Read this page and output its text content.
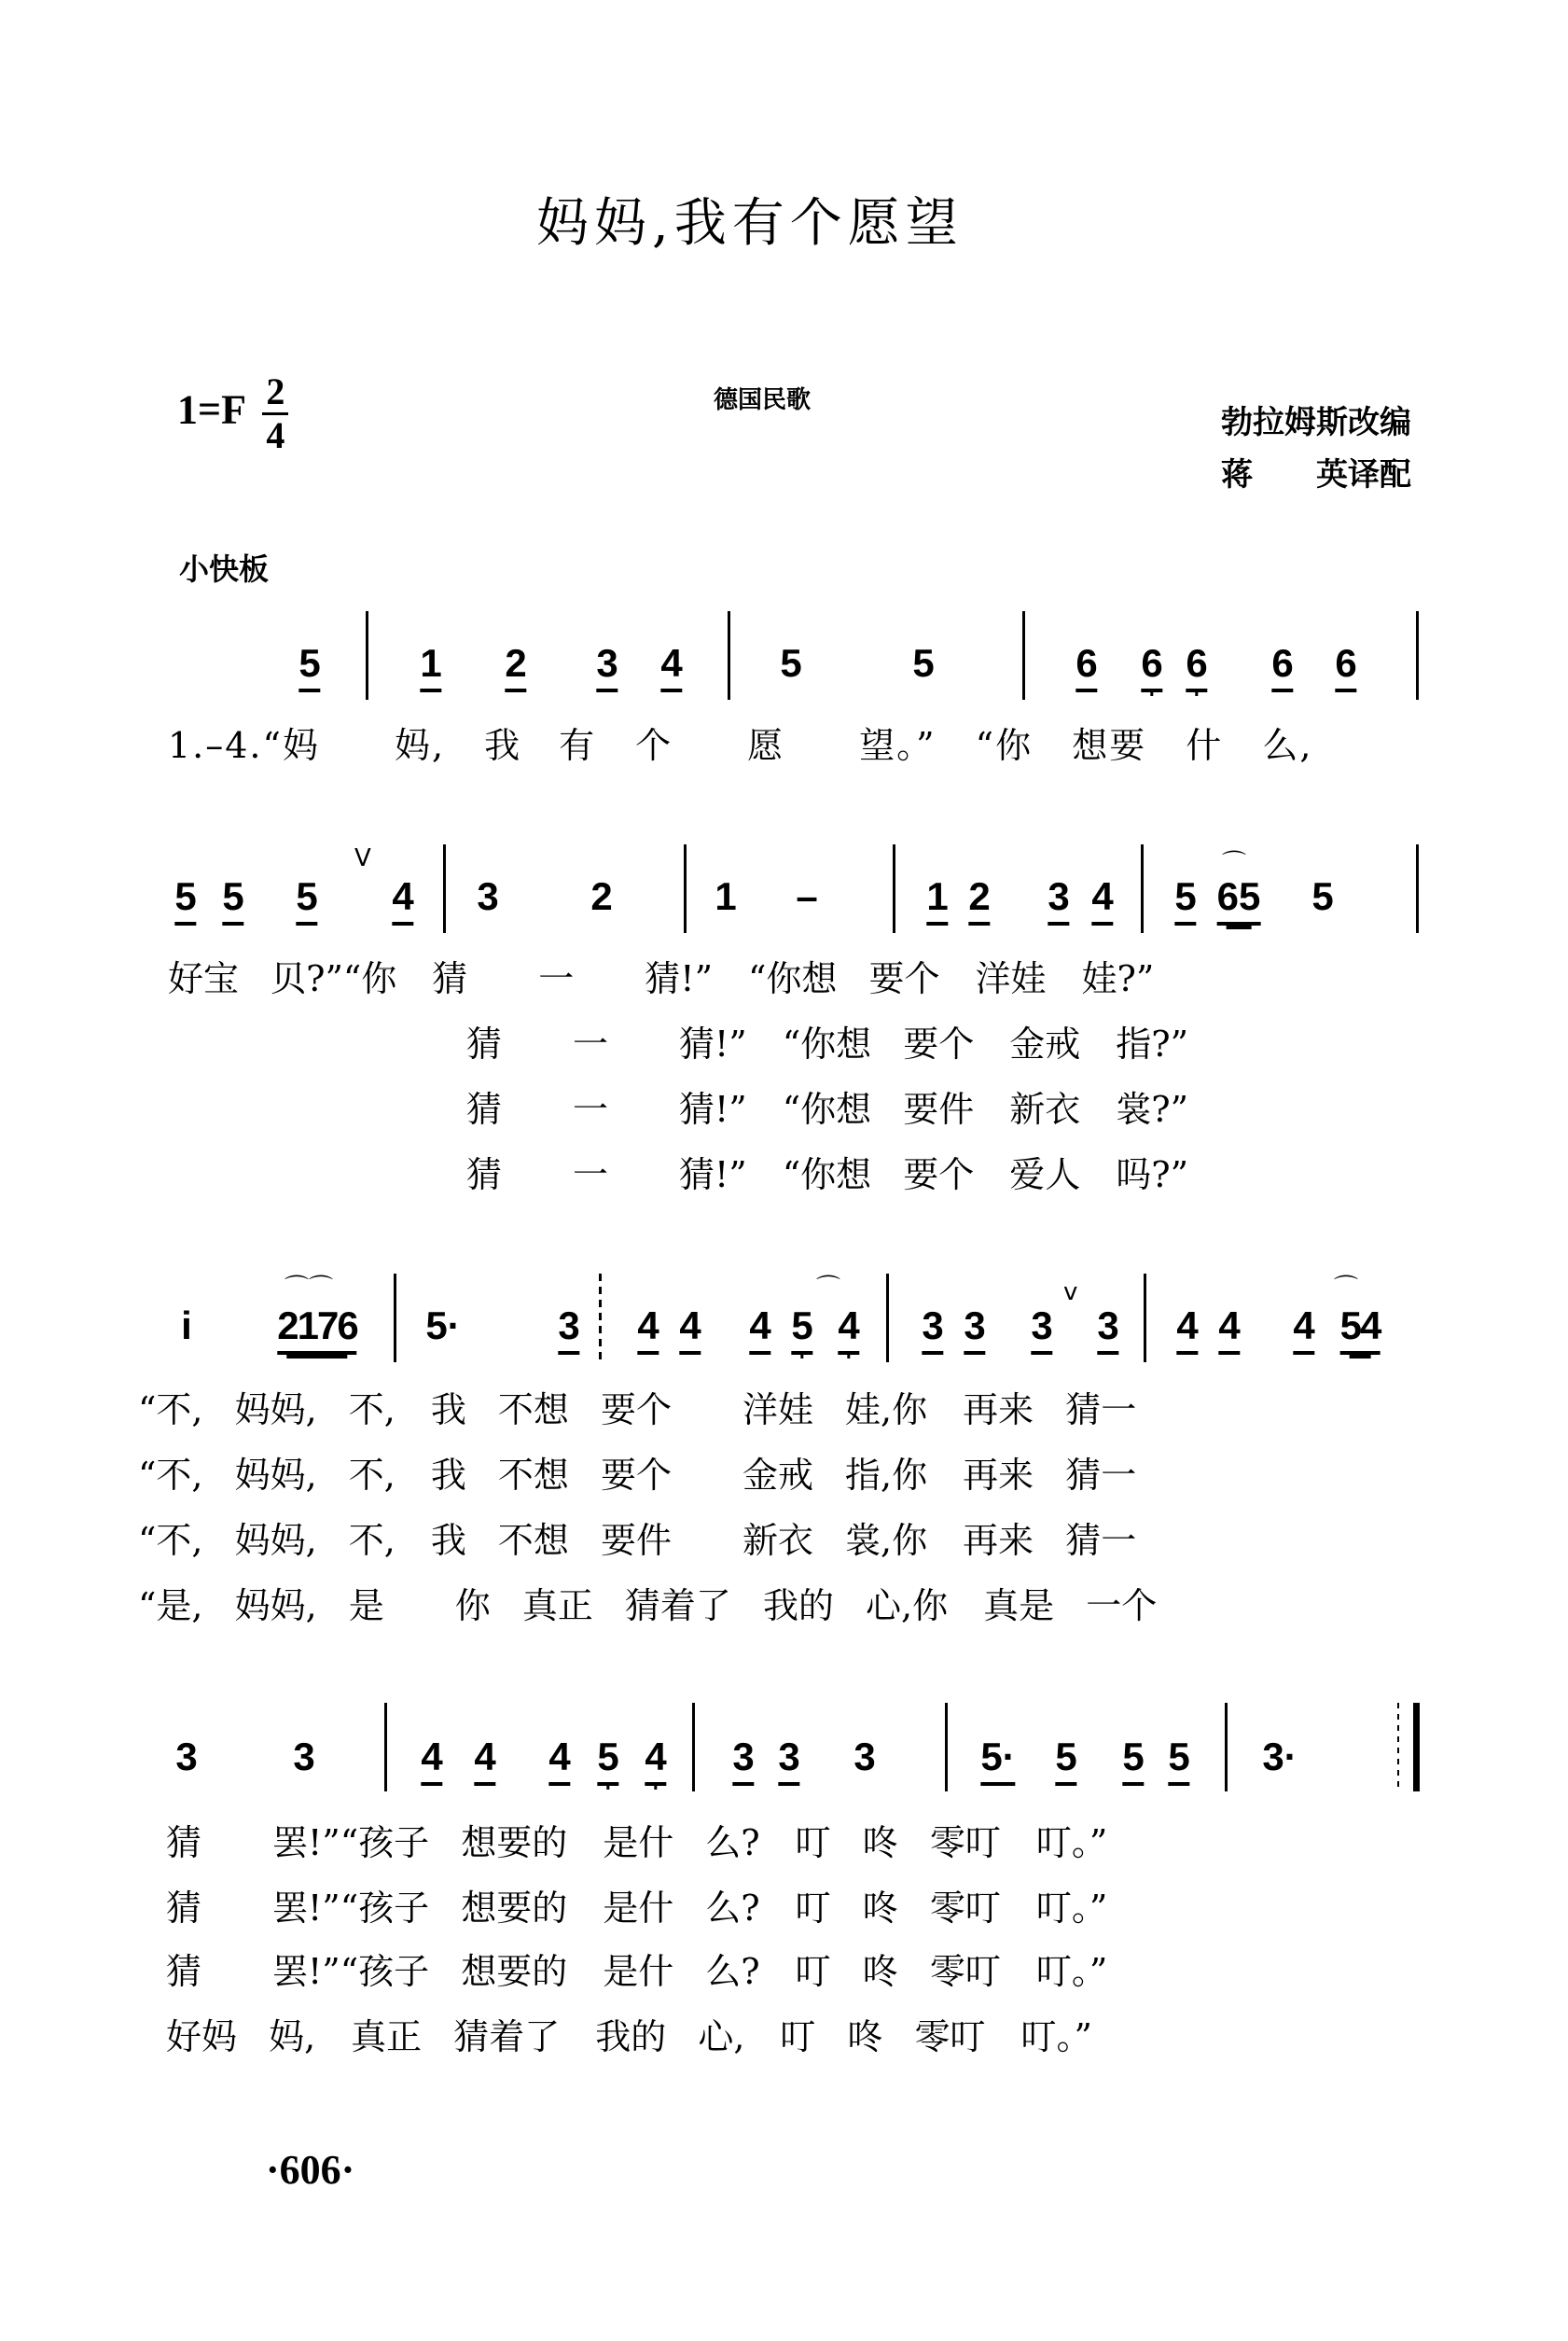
妈妈,我有个愿望
$1=F \frac{2}{4}$	德国民歌
勃拉姆斯改编
蒋　　英译配
小快板
5	1 2 3 4 5	5	6 6 6 6 6
1.–4.“妈　　妈, 我　有 个　　愿　　望。” “你 想要 什 么,
V
5 5 5 4 3 2	1 –	1 2 3 4 5
⌒
65 5
好宝 贝?”“你　猜　　一　　猜!”　“你想 要个　洋娃　娃?”
猜　　一　　猜!”　“你想 要个　金戒　指?”
猜　　一　　猜!”　“你想 要件　新衣　裳?”
猜　　一　　猜!”　“你想 要个　爱人　吗?”
i
⌒⌒
2176 5· 3 4 4
⌒
4 5 4 3 3
v
3 3 4 4 4
⌒
54
“不, 妈妈, 不,　我 不想 要个　　洋娃 娃,你　再来 猜一
“不, 妈妈, 不,　我 不想 要个　　金戒 指,你　再来 猜一
“不, 妈妈, 不,　我 不想 要件　　新衣 裳,你　再来 猜一
“是, 妈妈, 是　　你 真正 猜着了 我的 心,你　真是 一个
3 3	4 4 4 5 4 3 3 3	5· 5 5 5 3·
猜　　罢!”“孩子 想要的　是什 么?　叮 咚 零叮　叮。”
猜　　罢!”“孩子 想要的　是什 么?　叮 咚 零叮　叮。”
猜　　罢!”“孩子 想要的　是什 么?　叮 咚 零叮　叮。”
好妈 妈,　真正 猜着了　我的 心,　叮 咚 零叮　叮。”
·606·
